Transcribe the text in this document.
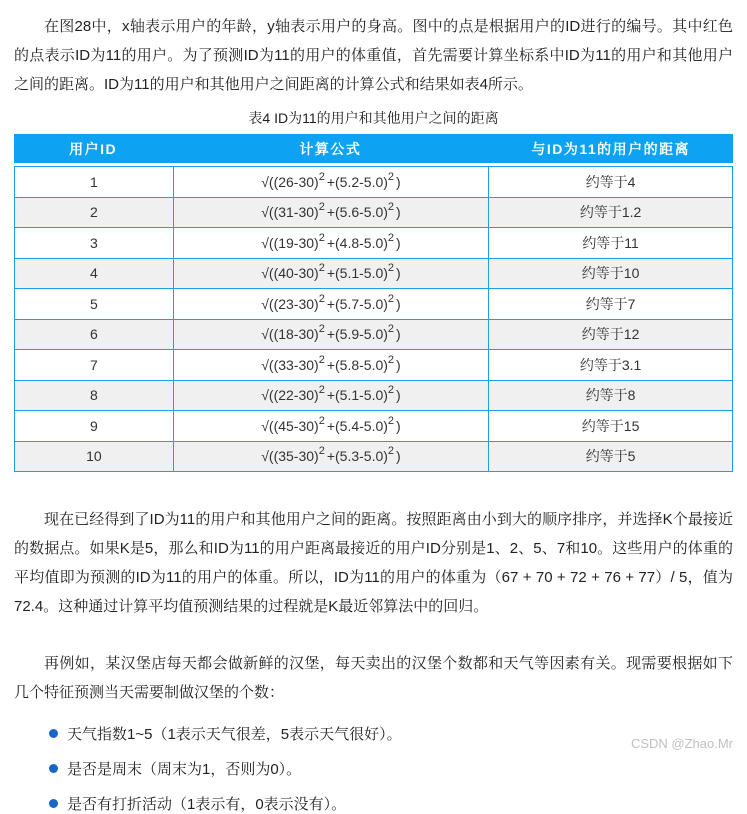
在图28中，x轴表示用户的年龄，y轴表示用户的身高。图中的点是根据用户的ID进行的编号。其中红色的点表示ID为11的用户。为了预测ID为11的用户的体重值，首先需要计算坐标系中ID为11的用户和其他用户之间的距离。ID为11的用户和其他用户之间距离的计算公式和结果如表4所示。

表4 ID为11的用户和其他用户之间的距离
用户ID	计算公式	与ID为11的用户的距离
1	$√((26-30)^2 +(5.2-5.0)^2$ )	约等于4
2	$√((31-30)^2 +(5.6-5.0)^2$ )	约等于1.2
3	$√((19-30)^2 +(4.8-5.0)^2$ )	约等于11
4	$√((40-30)^2 +(5.1-5.0)^2$ )	约等于10
5	$√((23-30)^2 +(5.7-5.0)^2$ )	约等于7
6	$√((18-30)^2 +(5.9-5.0)^2$ )	约等于12
7	$√((33-30)^2 +(5.8-5.0)^2$ )	约等于3.1
8	$√((22-30)^2 +(5.1-5.0)^2$ )	约等于8
9	$√((45-30)^2 +(5.4-5.0)^2$ )	约等于15
10	$√((35-30)^2 +(5.3-5.0)^2$ )	约等于5

现在已经得到了ID为11的用户和其他用户之间的距离。按照距离由小到大的顺序排序，并选择K个最接近的数据点。如果K是5，那么和ID为11的用户距离最接近的用户ID分别是1、2、5、7和10。这些用户的体重的平均值即为预测的ID为11的用户的体重。所以，ID为11的用户的体重为（67 + 70 + 72 + 76 + 77）/ 5，值为72.4。这种通过计算平均值预测结果的过程就是K最近邻算法中的回归。

再例如，某汉堡店每天都会做新鲜的汉堡，每天卖出的汉堡个数都和天气等因素有关。现需要根据如下几个特征预测当天需要制做汉堡的个数：

天气指数1~5（1表示天气很差，5表示天气很好）。
是否是周末（周末为1，否则为0）。
是否有打折活动（1表示有，0表示没有）。
CSDN @Zhao.Mr
